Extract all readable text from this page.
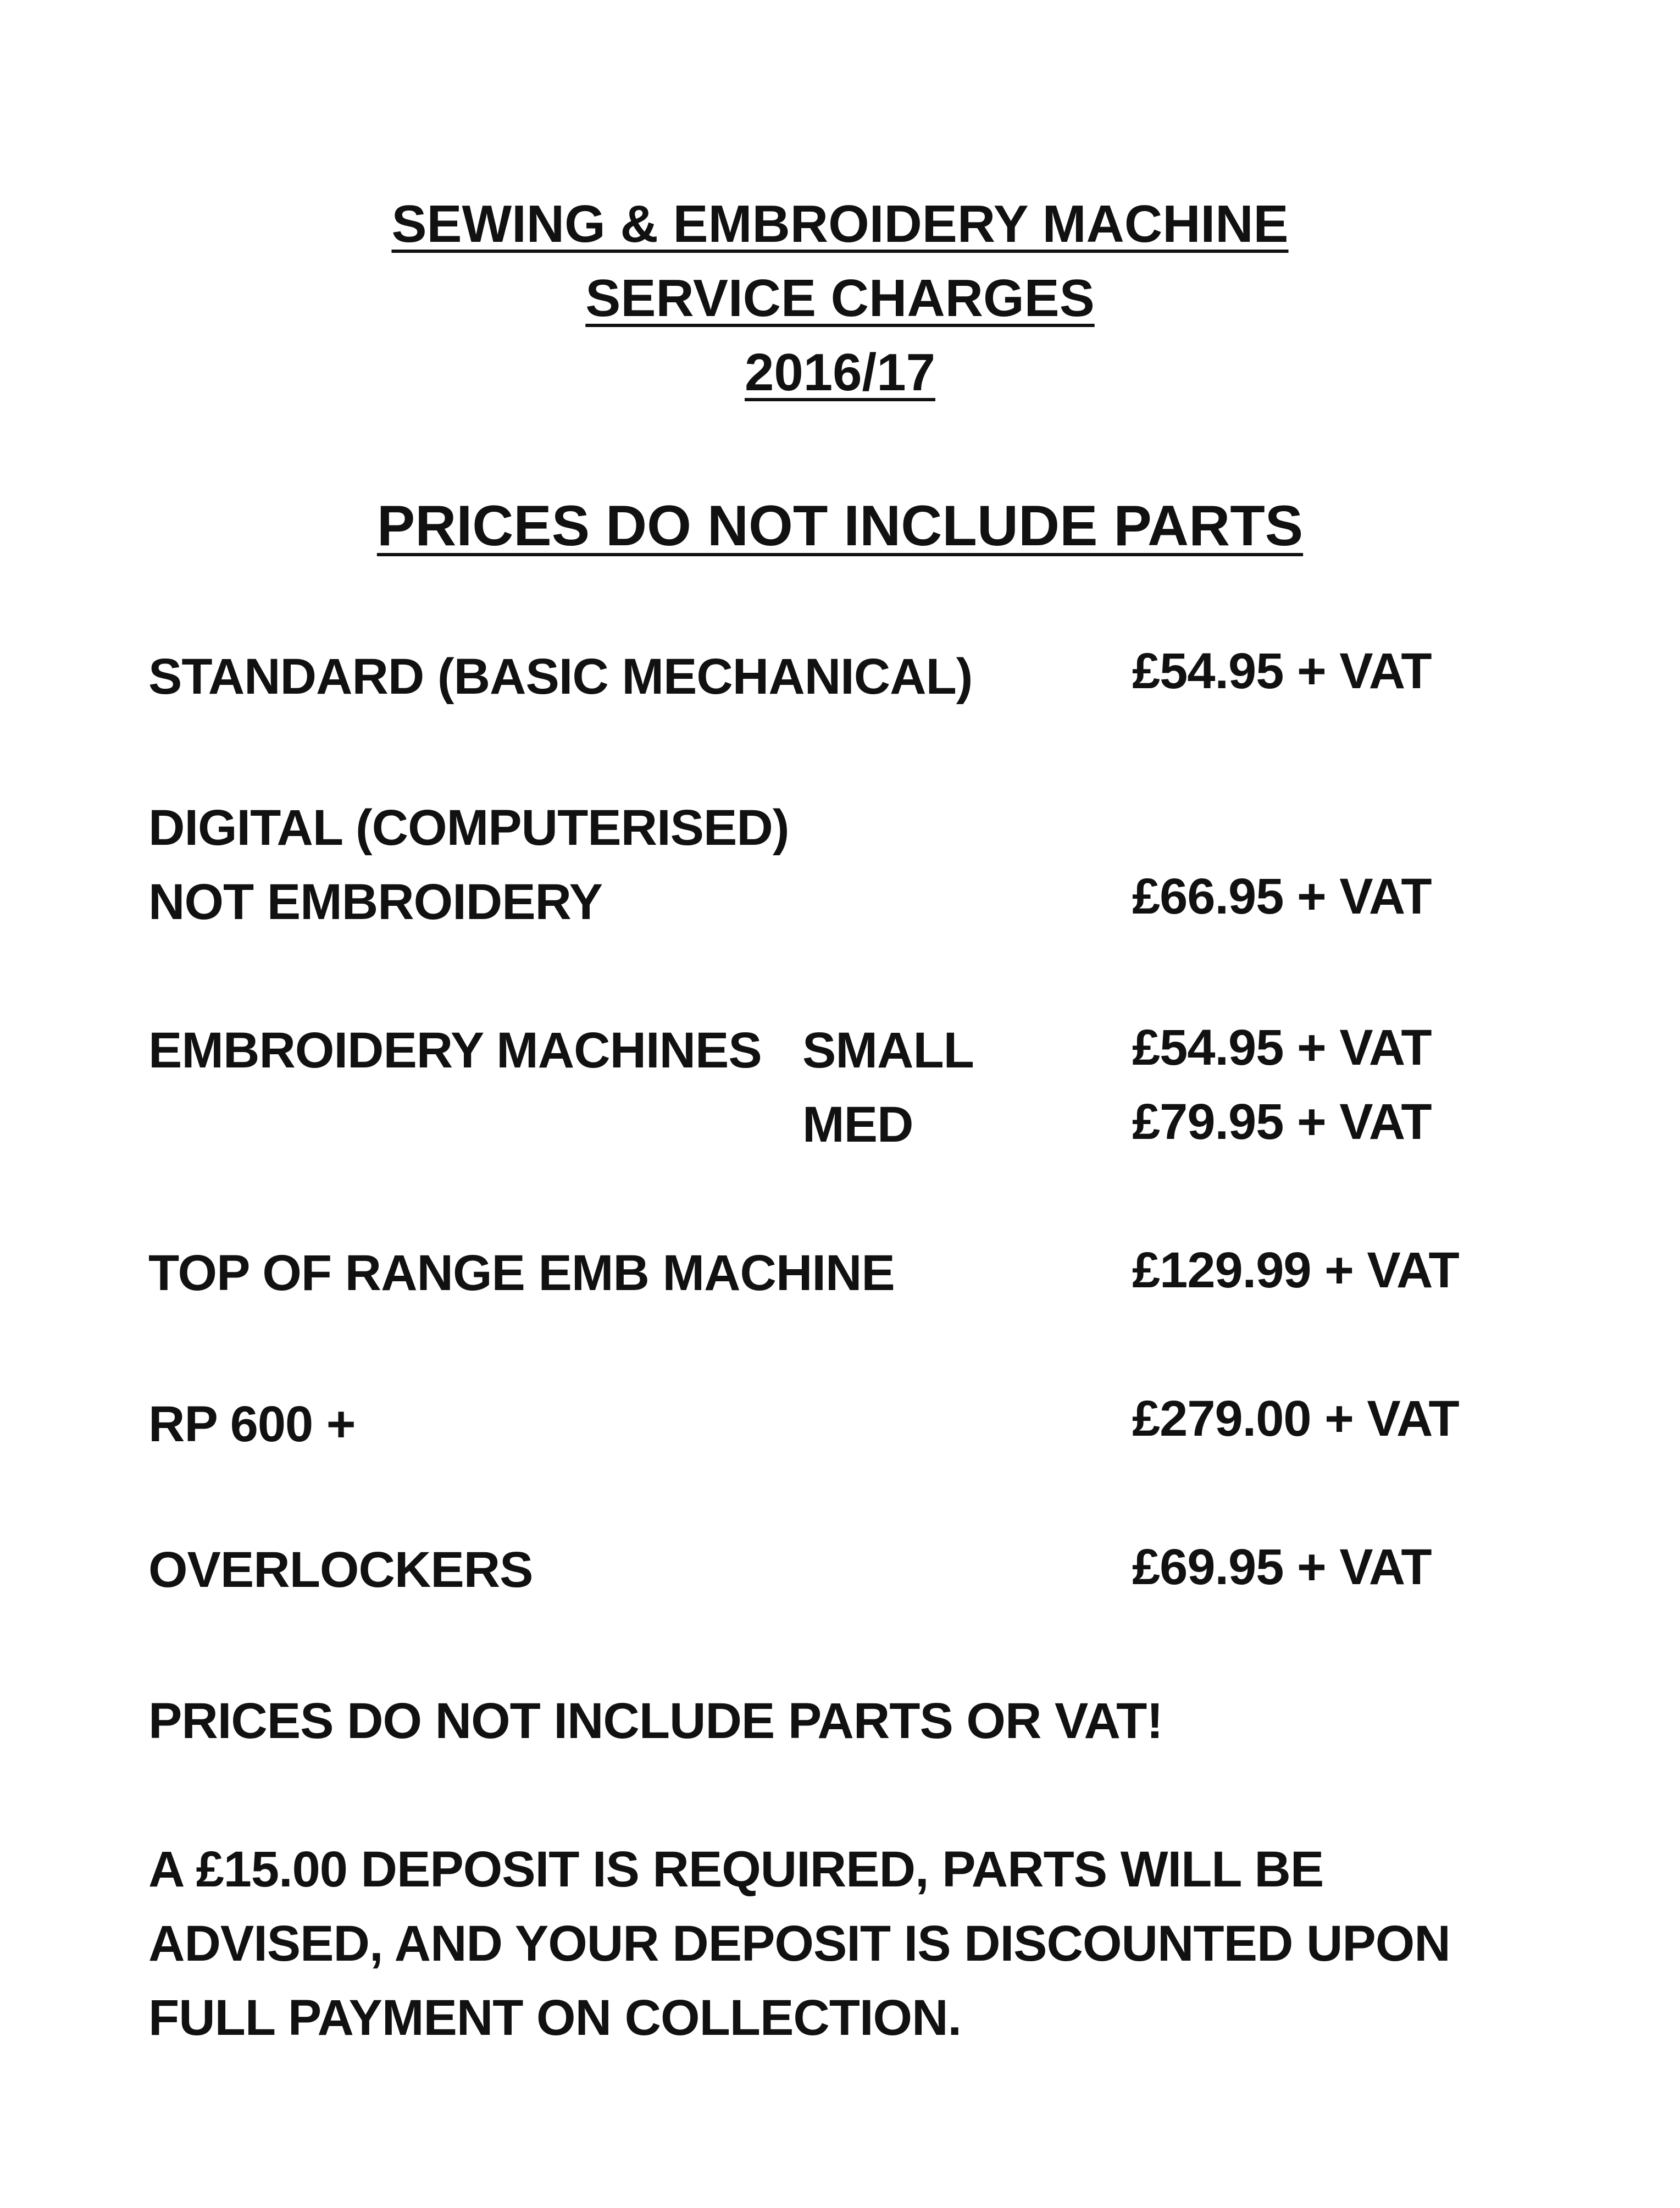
SEWING & EMBROIDERY MACHINE
SERVICE CHARGES
2016/17
PRICES DO NOT INCLUDE PARTS
STANDARD (BASIC MECHANICAL)	£54.95 + VAT
DIGITAL (COMPUTERISED)
NOT EMBROIDERY	£66.95 + VAT
EMBROIDERY MACHINES SMALL	£54.95 + VAT
MED	£79.95 + VAT
TOP OF RANGE EMB MACHINE	£129.99 + VAT
RP 600 +	£279.00 + VAT
OVERLOCKERS	£69.95 + VAT
PRICES DO NOT INCLUDE PARTS OR VAT!
A £15.00 DEPOSIT IS REQUIRED, PARTS WILL BE
ADVISED, AND YOUR DEPOSIT IS DISCOUNTED UPON
FULL PAYMENT ON COLLECTION.
